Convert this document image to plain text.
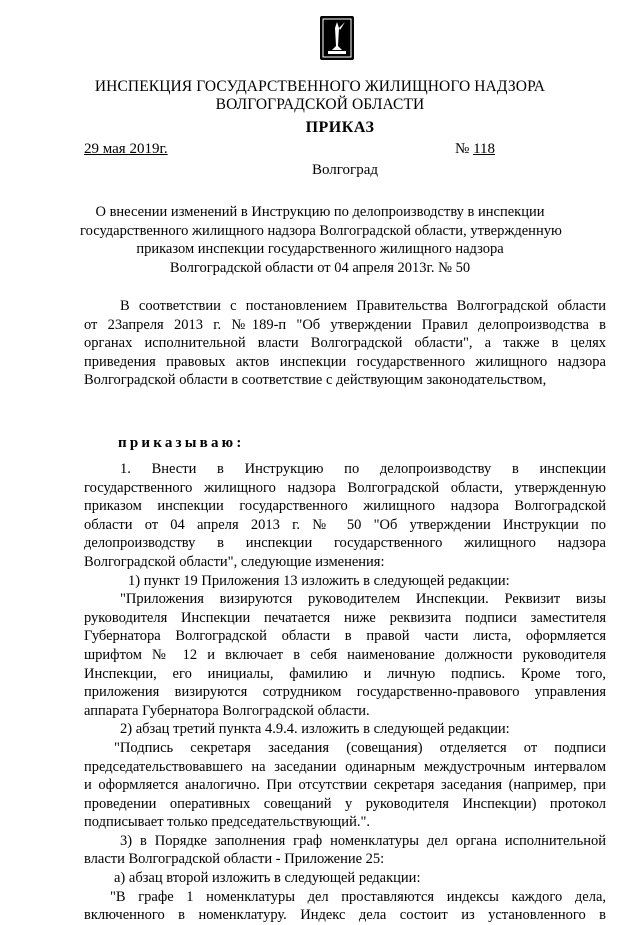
ИНСПЕКЦИЯ ГОСУДАРСТВЕННОГО ЖИЛИЩНОГО НАДЗОРА
ВОЛГОГРАДСКОЙ ОБЛАСТИ
ПРИКАЗ
29 мая 2019г.	№ 118
Волгоград
О внесении изменений в Инструкцию по делопроизводству в инспекции
государственного жилищного надзора Волгоградской области, утвержденную
приказом инспекции государственного жилищного надзора
Волгоградской области от 04 апреля 2013г. № 50
В соответствии с постановлением Правительства Волгоградской области
от 23апреля 2013 г. №189-п "Об утверждении Правил делопроизводства в
органах исполнительной власти Волгоградской области", а также в целях
приведения правовых актов инспекции государственного жилищного надзора
Волгоградской области в соответствие с действующим законодательством,
приказываю:
1. Внести в Инструкцию по делопроизводству в инспекции
государственного жилищного надзора Волгоградской области, утвержденную
приказом инспекции государственного жилищного надзора Волгоградской
области от 04 апреля 2013 г. № 50 "Об утверждении Инструкции по
делопроизводству в инспекции государственного жилищного надзора
Волгоградской области", следующие изменения:
1) пункт 19 Приложения 13 изложить в следующей редакции:
"Приложения визируются руководителем Инспекции. Реквизит визы
руководителя Инспекции печатается ниже реквизита подписи заместителя
Губернатора Волгоградской области в правой части листа, оформляется
шрифтом № 12 и включает в себя наименование должности руководителя
Инспекции, его инициалы, фамилию и личную подпись. Кроме того,
приложения визируются сотрудником государственно-правового управления
аппарата Губернатора Волгоградской области.
2) абзац третий пункта 4.9.4. изложить в следующей редакции:
"Подпись секретаря заседания (совещания) отделяется от подписи
председательствовавшего на заседании одинарным междустрочным интервалом
и оформляется аналогично. При отсутствии секретаря заседания (например, при
проведении оперативных совещаний у руководителя Инспекции) протокол
подписывает только председательствующий.".
3) в Порядке заполнения граф номенклатуры дел органа исполнительной
власти Волгоградской области - Приложение 25:
а) абзац второй изложить в следующей редакции:
"В графе 1 номенклатуры дел проставляются индексы каждого дела,
включенного в номенклатуру. Индекс дела состоит из установленного в
